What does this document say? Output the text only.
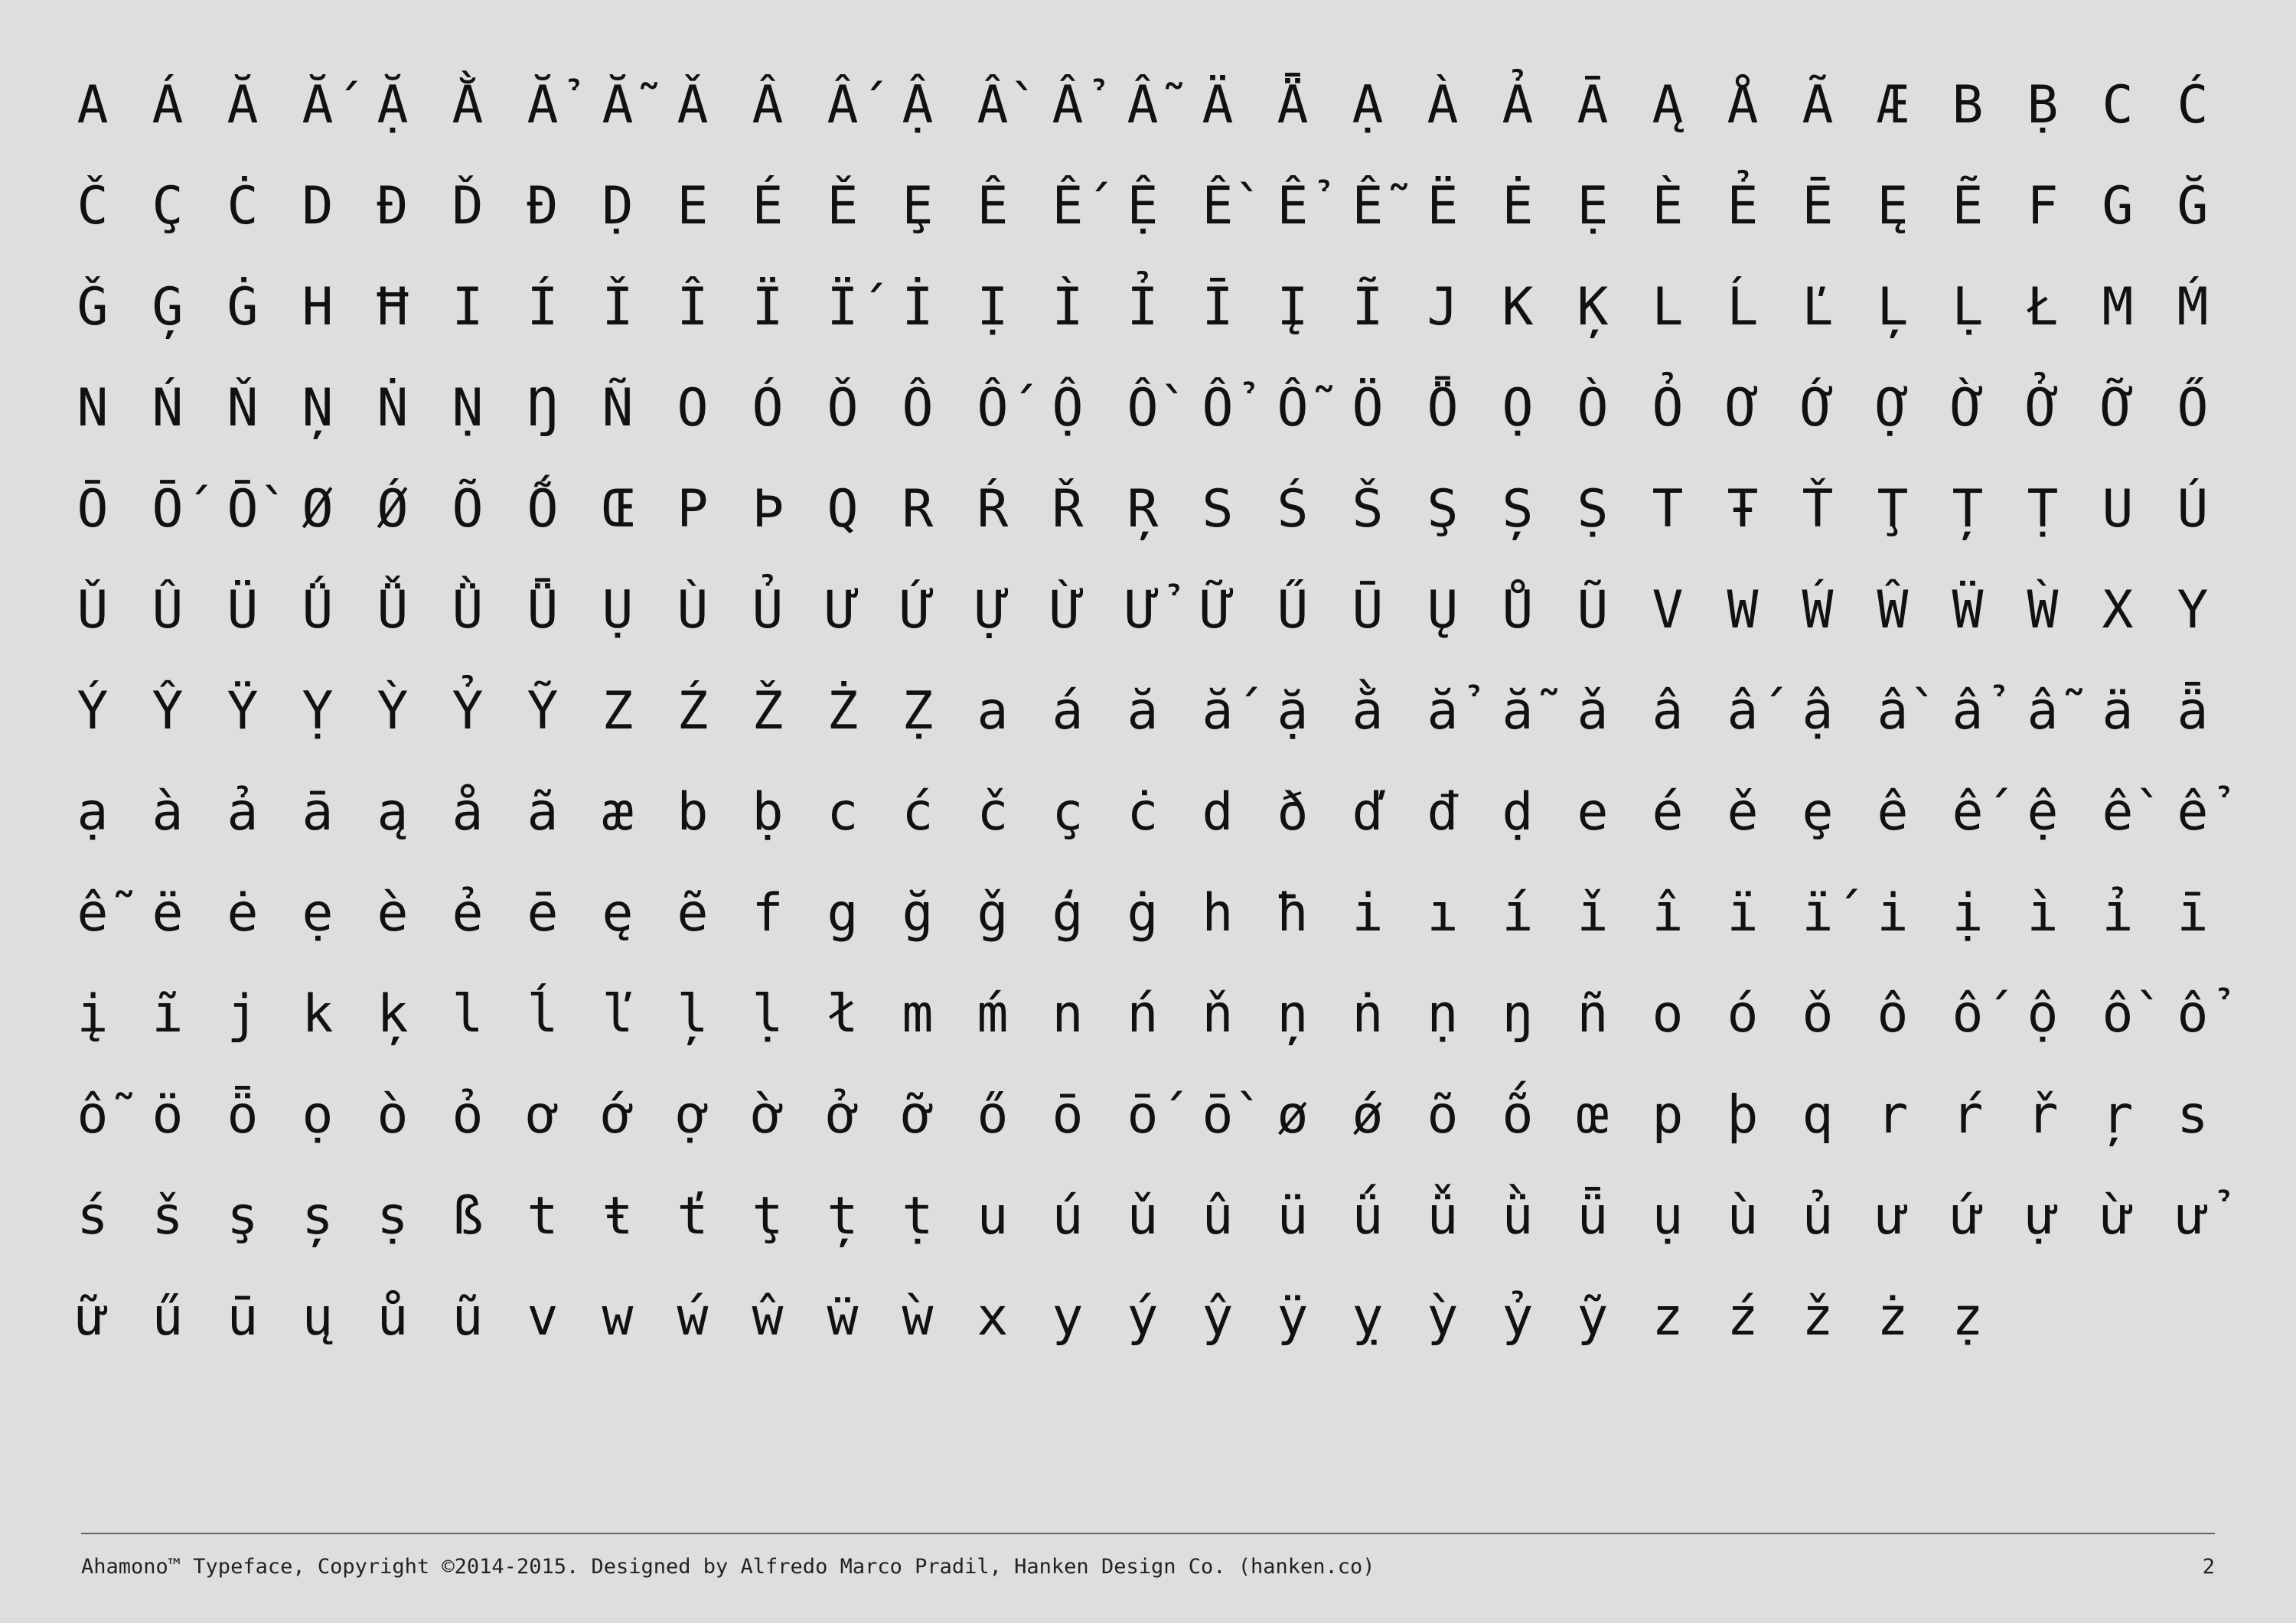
A Á Ă Ắ Ặ Ằ Ẳ Ẵ Ǎ Â Ấ Ậ Ầ Ẩ Ẫ Ä Ǟ Ạ À Ả Ā Ą Å Ã Æ B Ḅ C Ć
Č Ç Ċ D Ð Ď Đ Ḍ E É Ě Ȩ Ê Ế Ệ Ề Ể Ễ Ë Ė Ẹ È Ẻ Ē Ę Ẽ F G Ğ
Ǧ Ģ Ġ H Ħ I Í Ǐ Î Ï Ḯ İ Ị Ì Ỉ Ī Į Ĩ J K Ķ L Ĺ Ľ Ļ Ḷ Ł M Ḿ
N Ń Ň Ņ Ṅ Ṇ Ŋ Ñ O Ó Ǒ Ô Ố Ộ Ồ Ổ Ỗ Ö Ȫ Ọ Ò Ỏ Ơ Ớ Ợ Ờ Ở Ỡ Ő
Ō Ṓ Ṑ Ø Ǿ Õ Ṍ Œ P Þ Q R Ŕ Ř Ŗ S Ś Š Ş Ș Ṣ T Ŧ Ť Ţ Ț Ṭ U Ú
Ǔ Û Ü Ǘ Ǚ Ǜ Ǖ Ụ Ù Ủ Ư Ứ Ự Ừ Ử Ữ Ű Ū Ų Ů Ũ V W Ẃ Ŵ Ẅ Ẁ X Y
Ý Ŷ Ÿ Ỵ Ỳ Ỷ Ỹ Z Ź Ž Ż Ẓ a á ă ắ ặ ằ ẳ ẵ ǎ â ấ ậ ầ ẩ ẫ ä ǟ
ạ à ả ā ą å ã æ b ḅ c ć č ç ċ d ð ď đ ḍ e é ě ȩ ê ế ệ ề ể
ễ ë ė ẹ è ẻ ē ę ẽ f g ğ ǧ ģ ġ h ħ i ı í ǐ î ï ḯ i ị ì ỉ ī
į ĩ j k ķ l ĺ ľ ļ ḷ ł m ḿ n ń ň ņ ṅ ṇ ŋ ñ o ó ǒ ô ố ộ ồ ổ
ỗ ö ȫ ọ ò ỏ ơ ớ ợ ờ ở ỡ ő ō ṓ ṑ ø ǿ õ ṍ œ p þ q r ŕ ř ŗ s
ś š ş ș ṣ ß t ŧ ť ţ ț ṭ u ú ǔ û ü ǘ ǚ ǜ ǖ ụ ù ủ ư ứ ự ừ ử
ữ ű ū ų ů ũ v w ẃ ŵ ẅ ẁ x y ý ŷ ÿ ỵ ỳ ỷ ỹ z ź ž ż ẓ
Ahamono™ Typeface, Copyright ©2014-2015. Designed by Alfredo Marco Pradil, Hanken Design Co. (hanken.co)	2
